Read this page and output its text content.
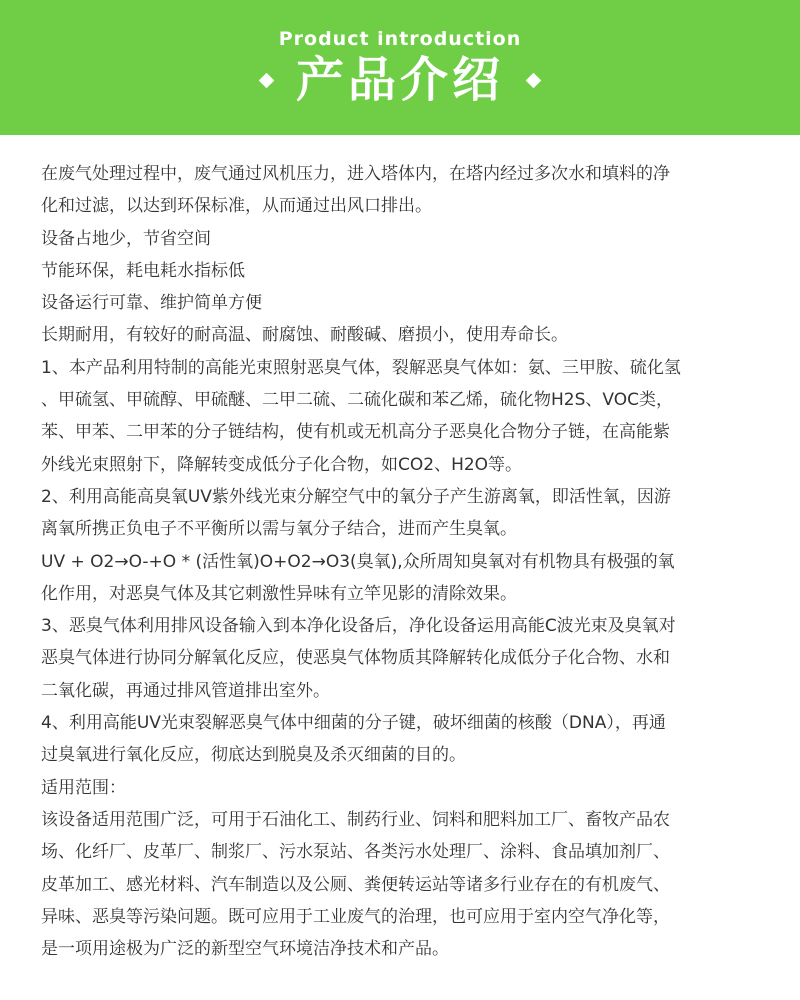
Product introduction
产品介绍
在废气处理过程中，废气通过风机压力，进入塔体内，在塔内经过多次水和填料的净
化和过滤，以达到环保标准，从而通过出风口排出。
设备占地少，节省空间
节能环保，耗电耗水指标低
设备运行可靠、维护简单方便
长期耐用，有较好的耐高温、耐腐蚀、耐酸碱、磨损小，使用寿命长。
1、本产品利用特制的高能光束照射恶臭气体，裂解恶臭气体如：氨、三甲胺、硫化氢
、甲硫氢、甲硫醇、甲硫醚、二甲二硫、二硫化碳和苯乙烯，硫化物H2S、VOC类，
苯、甲苯、二甲苯的分子链结构，使有机或无机高分子恶臭化合物分子链，在高能紫
外线光束照射下，降解转变成低分子化合物，如CO2、H2O等。
2、利用高能高臭氧UV紫外线光束分解空气中的氧分子产生游离氧，即活性氧，因游
离氧所携正负电子不平衡所以需与氧分子结合，进而产生臭氧。
UV + O2→O-+O * (活性氧)O+O2→O3(臭氧),众所周知臭氧对有机物具有极强的氧
化作用，对恶臭气体及其它刺激性异味有立竿见影的清除效果。
3、恶臭气体利用排风设备输入到本净化设备后，净化设备运用高能C波光束及臭氧对
恶臭气体进行协同分解氧化反应，使恶臭气体物质其降解转化成低分子化合物、水和
二氧化碳，再通过排风管道排出室外。
4、利用高能UV光束裂解恶臭气体中细菌的分子键，破坏细菌的核酸（DNA），再通
过臭氧进行氧化反应，彻底达到脱臭及杀灭细菌的目的。
适用范围：
该设备适用范围广泛，可用于石油化工、制药行业、饲料和肥料加工厂、畜牧产品农
场、化纤厂、皮革厂、制浆厂、污水泵站、各类污水处理厂、涂料、食品填加剂厂、
皮革加工、感光材料、汽车制造以及公厕、粪便转运站等诸多行业存在的有机废气、
异味、恶臭等污染问题。既可应用于工业废气的治理，也可应用于室内空气净化等，
是一项用途极为广泛的新型空气环境洁净技术和产品。
